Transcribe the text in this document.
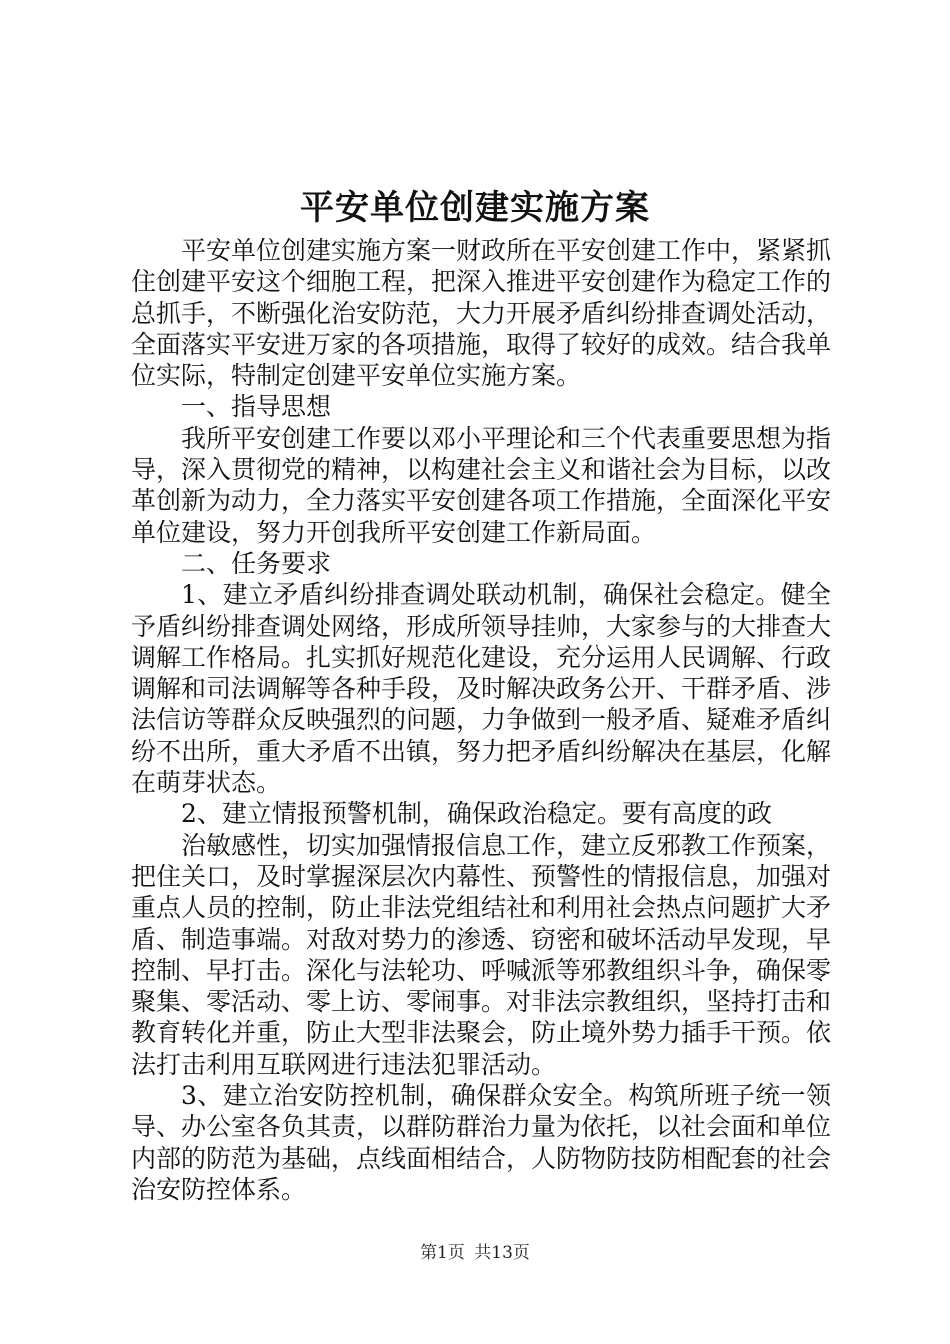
平安单位创建实施方案

平安单位创建实施方案一财政所在平安创建工作中，紧紧抓住创建平安这个细胞工程，把深入推进平安创建作为稳定工作的总抓手，不断强化治安防范，大力开展矛盾纠纷排查调处活动，全面落实平安进万家的各项措施，取得了较好的成效。结合我单位实际，特制定创建平安单位实施方案。

一、指导思想

我所平安创建工作要以邓小平理论和三个代表重要思想为指导，深入贯彻党的精神，以构建社会主义和谐社会为目标，以改革创新为动力，全力落实平安创建各项工作措施，全面深化平安单位建设，努力开创我所平安创建工作新局面。

二、任务要求

1、建立矛盾纠纷排查调处联动机制，确保社会稳定。健全予盾纠纷排查调处网络，形成所领导挂帅，大家参与的大排查大调解工作格局。扎实抓好规范化建设，充分运用人民调解、行政调解和司法调解等各种手段，及时解决政务公开、干群矛盾、涉法信访等群众反映强烈的问题，力争做到一般矛盾、疑难矛盾纠纷不出所，重大矛盾不出镇，努力把矛盾纠纷解决在基层，化解在萌芽状态。

2、建立情报预警机制，确保政治稳定。要有高度的政

治敏感性，切实加强情报信息工作，建立反邪教工作预案，把住关口，及时掌握深层次内幕性、预警性的情报信息，加强对重点人员的控制，防止非法党组结社和利用社会热点问题扩大矛盾、制造事端。对敌对势力的渗透、窃密和破坏活动早发现，早控制、早打击。深化与法轮功、呼喊派等邪教组织斗争，确保零聚集、零活动、零上访、零闹事。对非法宗教组织，坚持打击和教育转化并重，防止大型非法聚会，防止境外势力插手干预。依法打击利用互联网进行违法犯罪活动。

3、建立治安防控机制，确保群众安全。构筑所班子统一领导、办公室各负其责，以群防群治力量为依托，以社会面和单位内部的防范为基础，点线面相结合，人防物防技防相配套的社会治安防控体系。

第1页 共13页
